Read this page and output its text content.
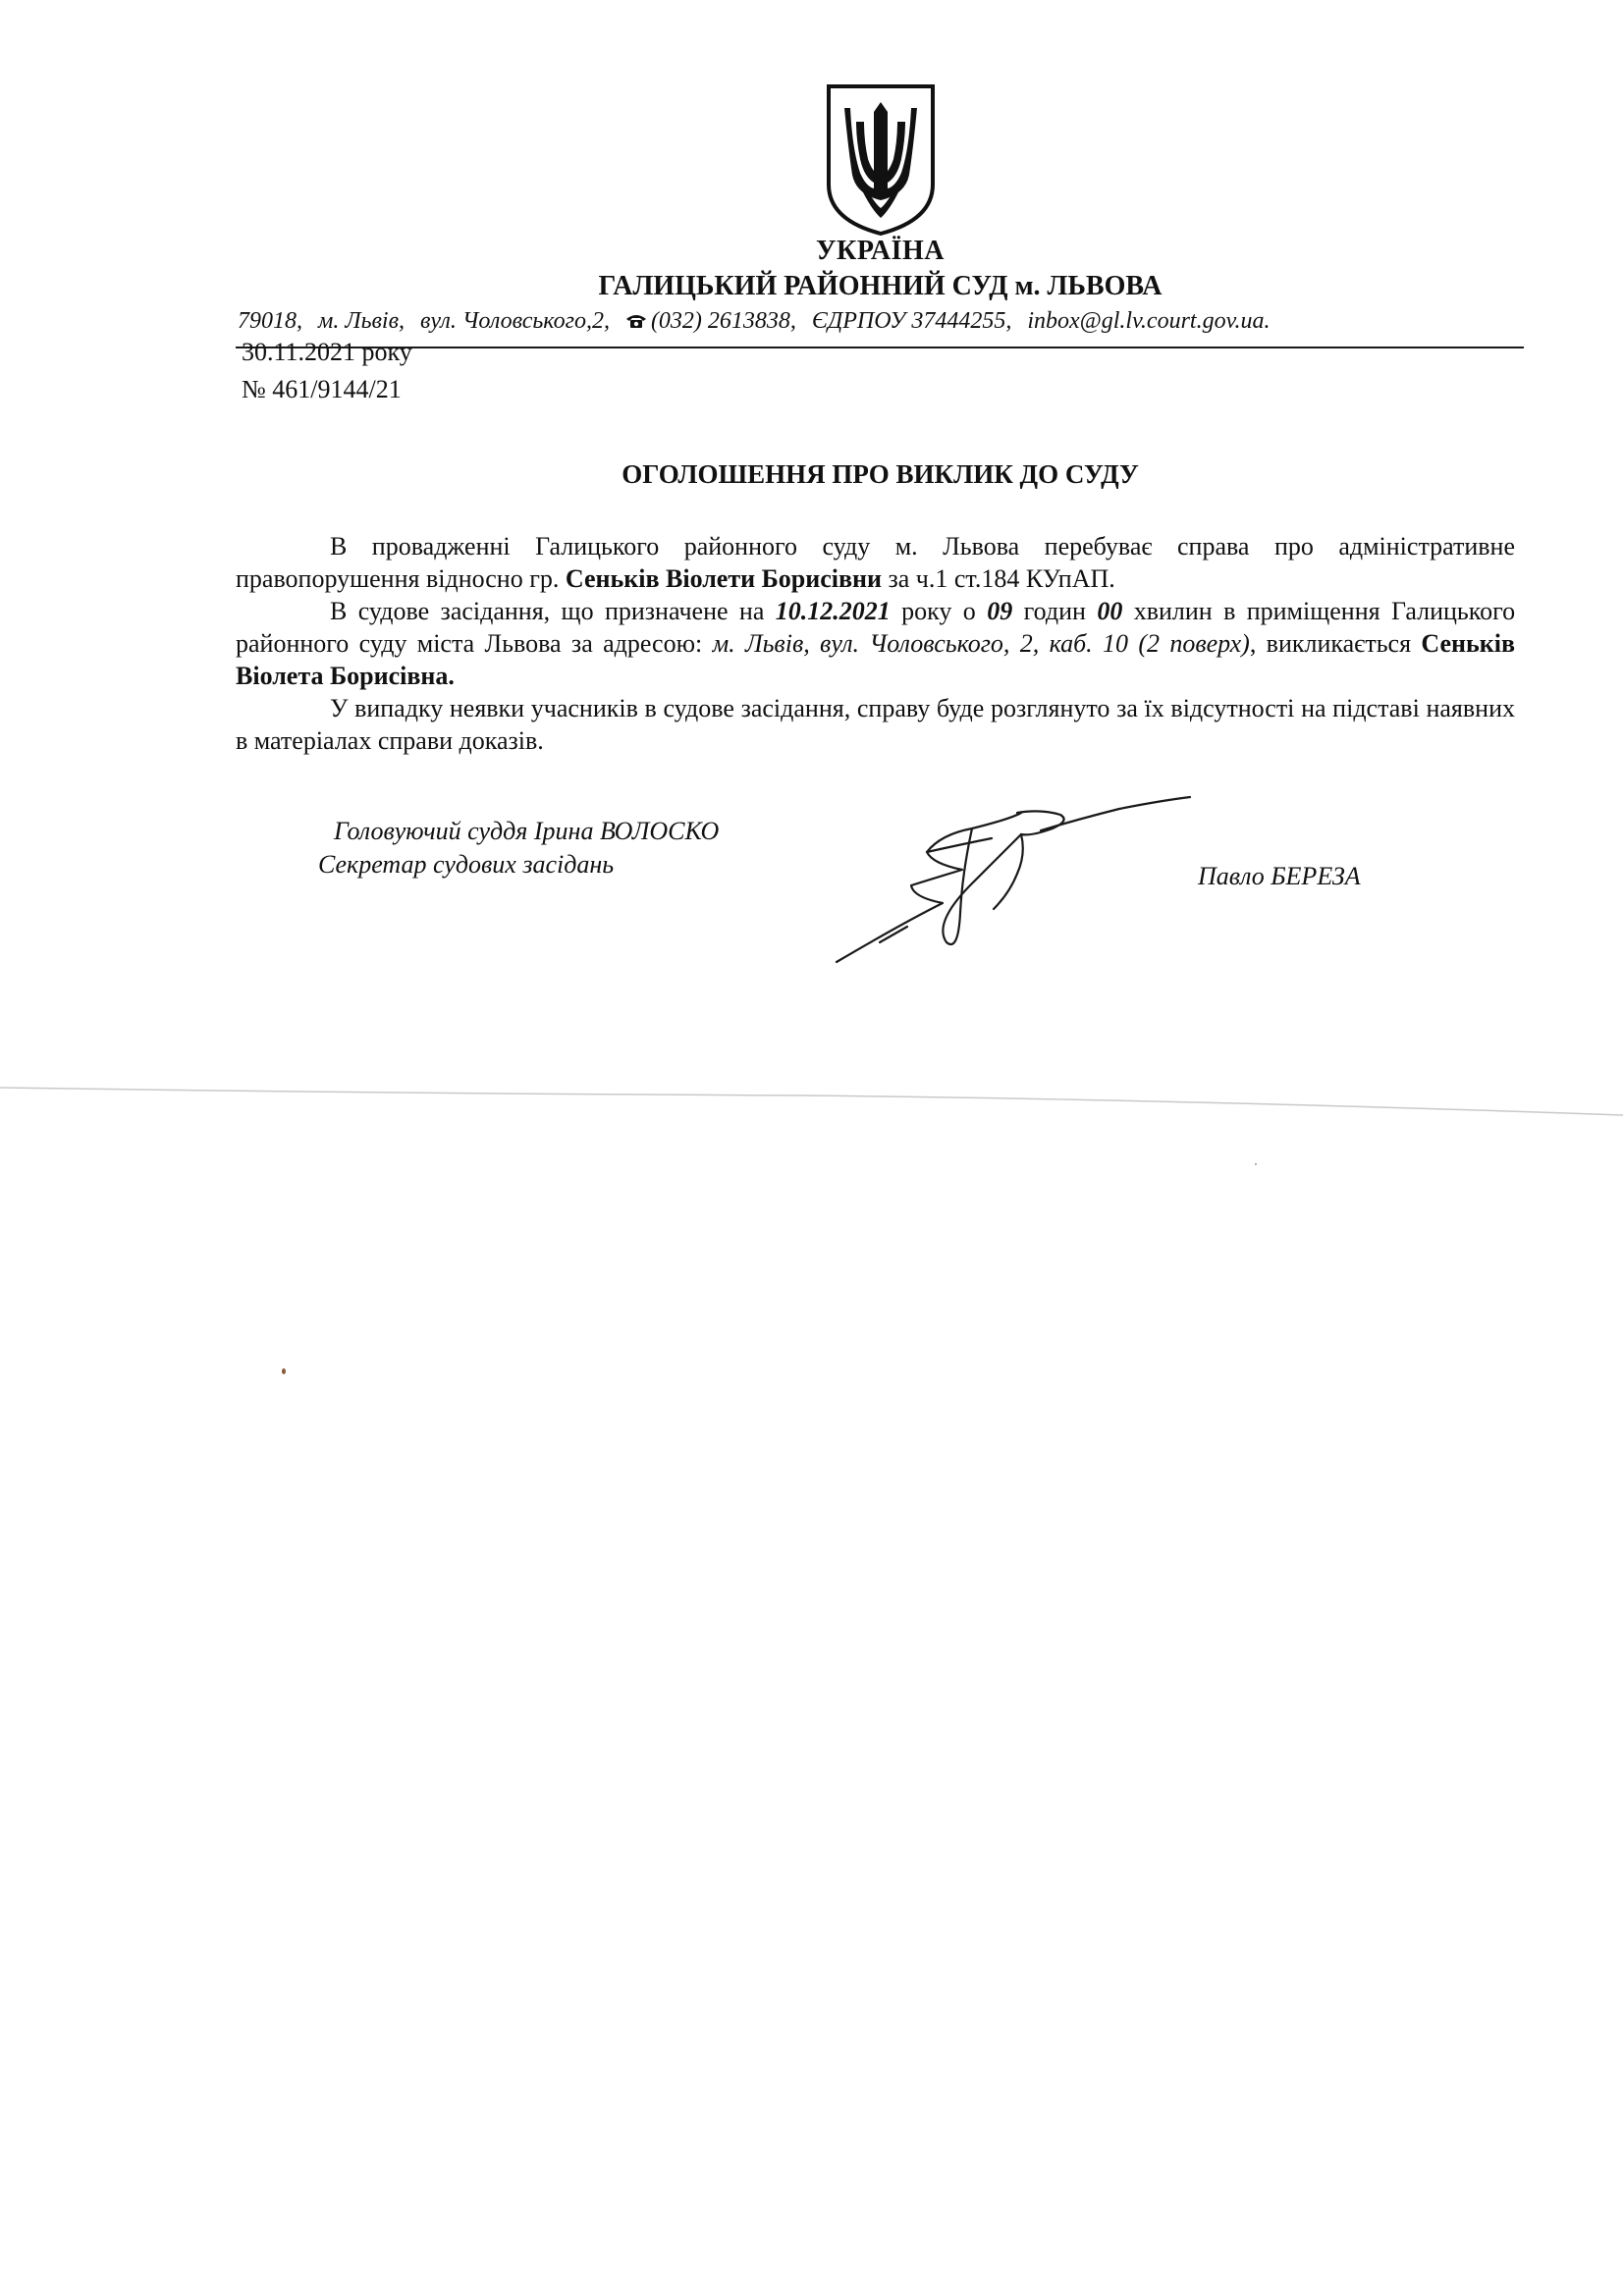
УКРАЇНА
ГАЛИЦЬКИЙ РАЙОННИЙ СУД м. ЛЬВОВА
79018, м. Львів, вул. Чоловського,2, (032) 2613838, ЄДРПОУ 37444255, inbox@gl.lv.court.gov.ua.
30.11.2021 року
№ 461/9144/21
ОГОЛОШЕННЯ ПРО ВИКЛИК ДО СУДУ

В провадженні Галицького районного суду м. Львова перебуває справа про адміністративне правопорушення відносно гр. Сеньків Віолети Борисівни за ч.1 ст.184 КУпАП.

В судове засідання, що призначене на 10.12.2021 року о 09 годин 00 хвилин в приміщення Галицького районного суду міста Львова за адресою: м. Львів, вул. Чоловського, 2, каб. 10 (2 поверх), викликається Сеньків Віолета Борисівна.

У випадку неявки учасників в судове засідання, справу буде розглянуто за їх відсутності на підставі наявних в матеріалах справи доказів.

Головуючий суддя Ірина ВОЛОСКО
Секретар судових засідань	Павло БЕРЕЗА
